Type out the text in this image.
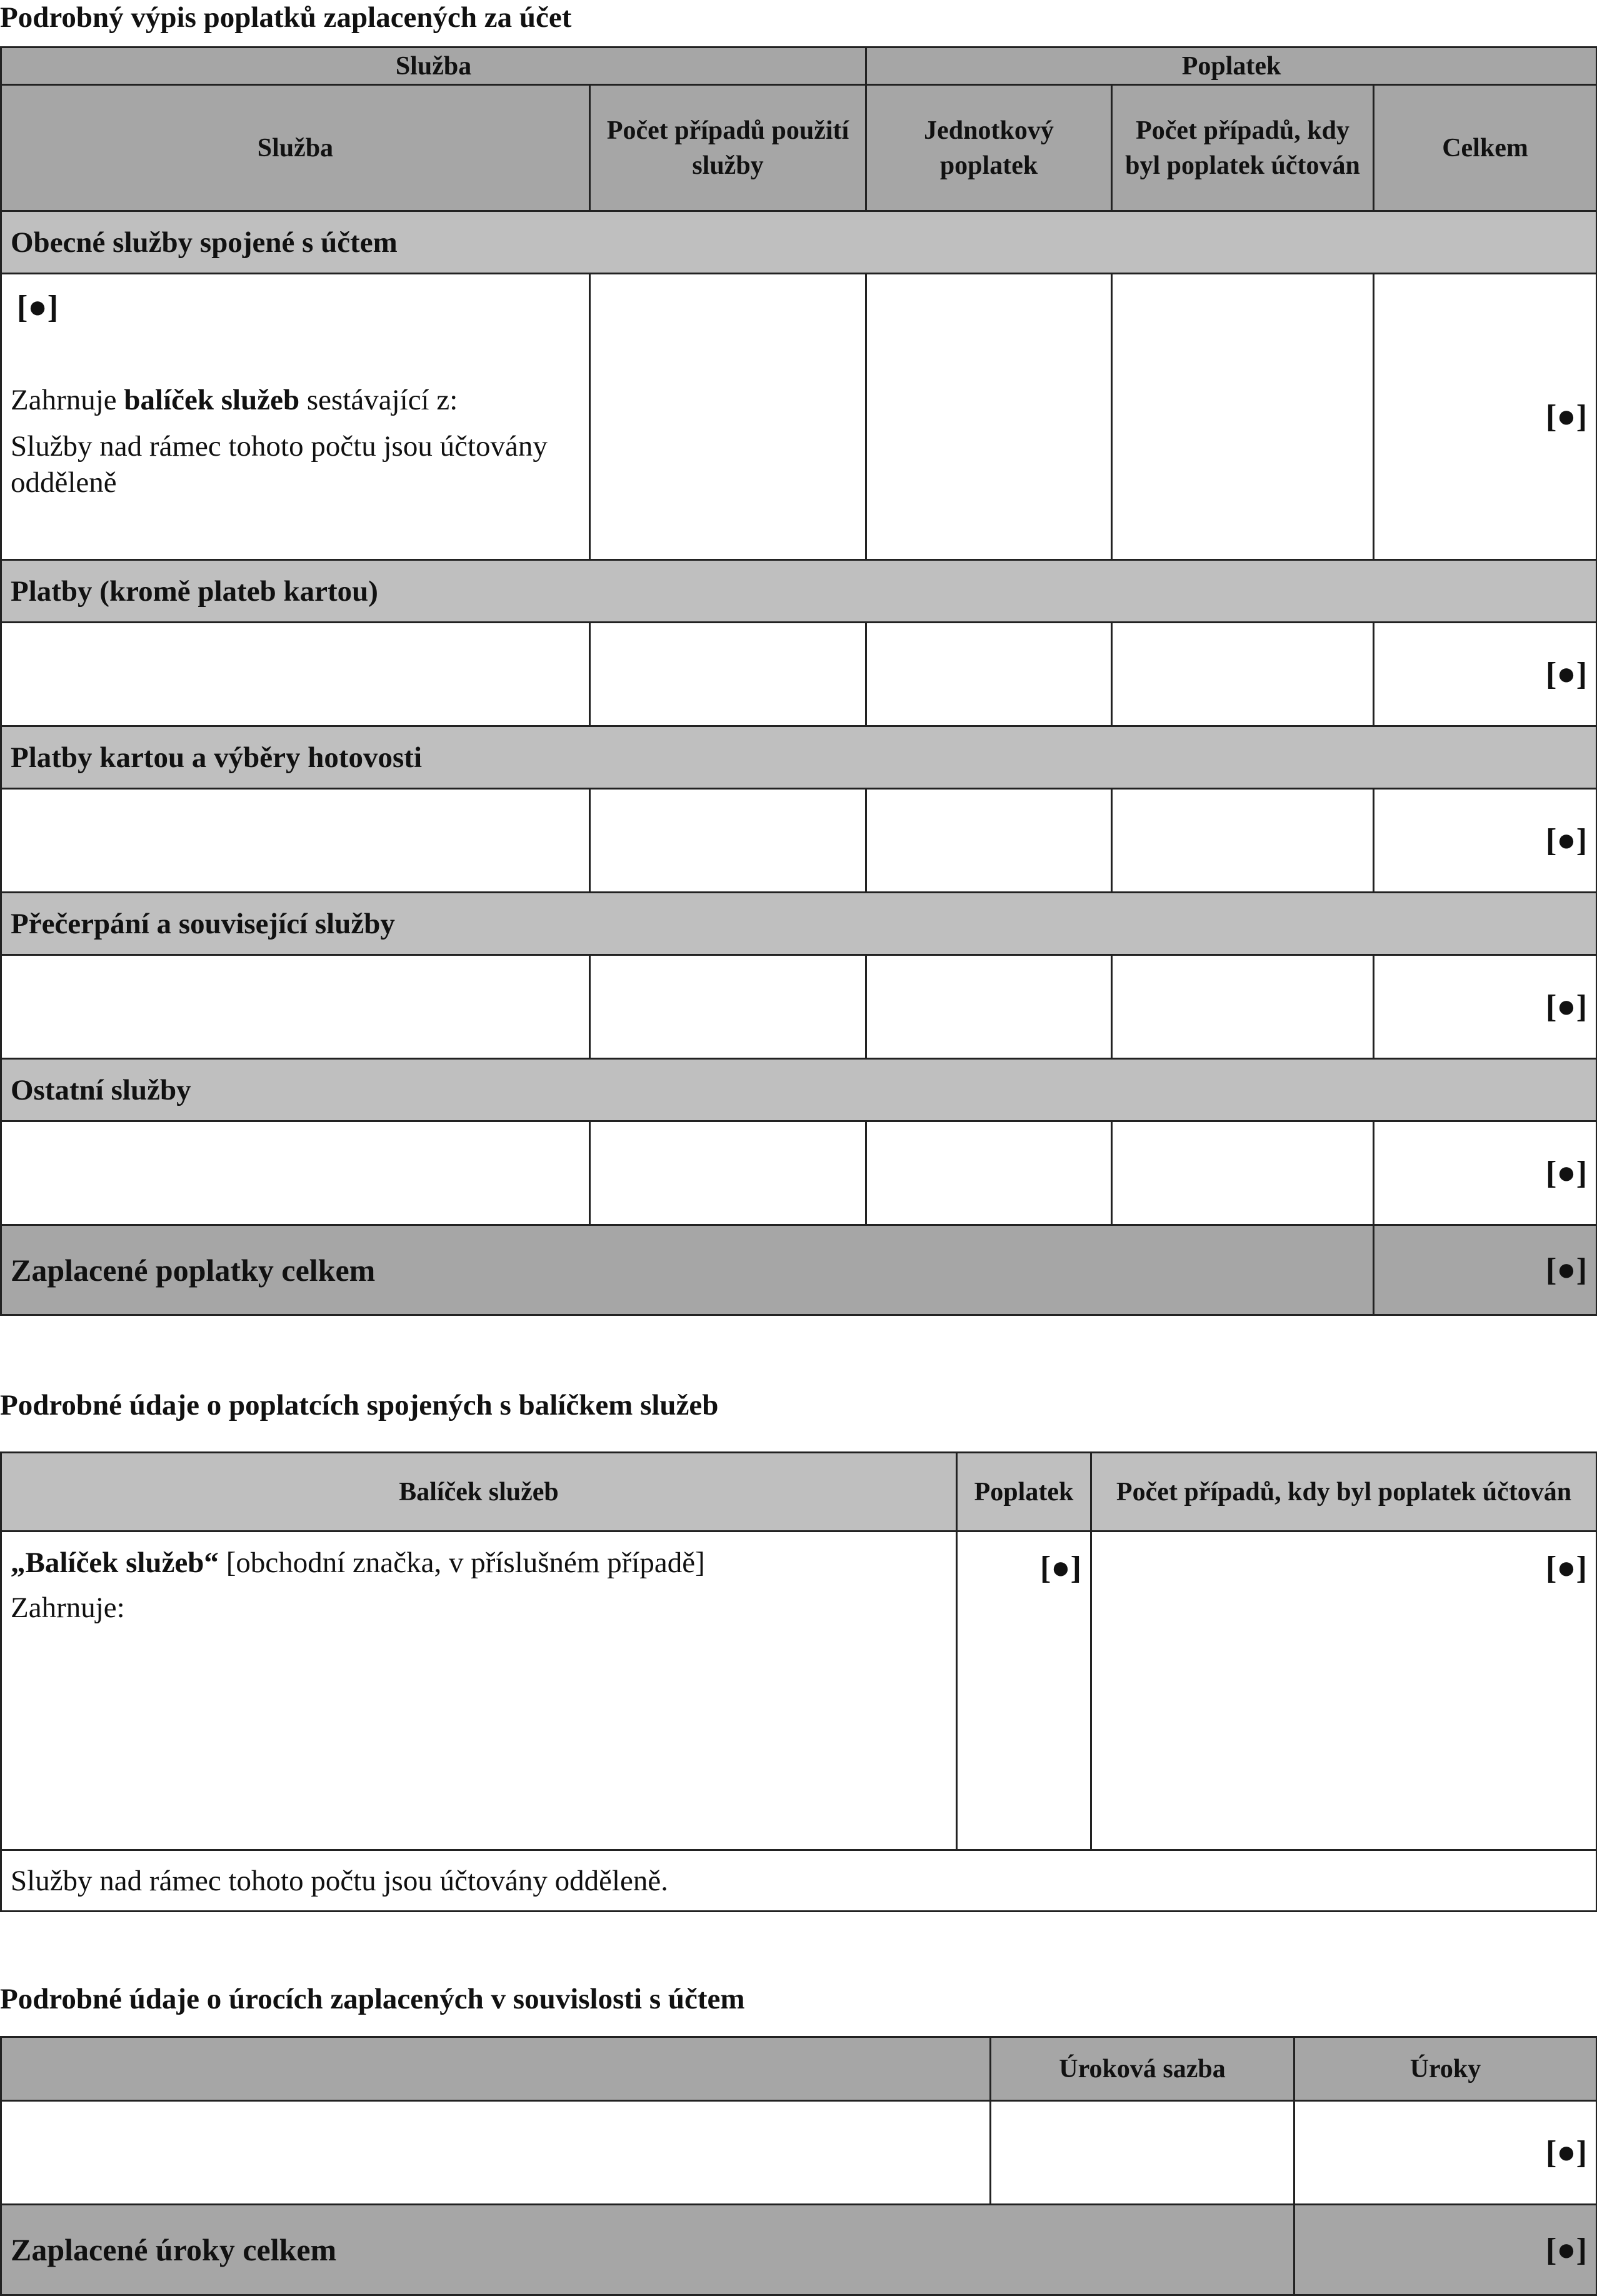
Podrobný výpis poplatků zaplacených za účet
Služba		Poplatek		
Služba	Počet případů použití služby	Jednotkový poplatek	Počet případů, kdy byl poplatek účtován	Celkem
Obecné služby spojené s účtem				

[●]
Zahrnuje balíček služeb sestávající z:
Služby nad rámec tohoto počtu jsou účtovány odděleně				[●]
Platby (kromě plateb kartou)				
				[●]
Platby kartou a výběry hotovosti				
				[●]
Přečerpání a související služby				
				[●]
Ostatní služby				
				[●]
Zaplacené poplatky celkem				[●]
Podrobné údaje o poplatcích spojených s balíčkem služeb
Balíček služeb	Poplatek	Počet případů, kdy byl poplatek účtován

„Balíček služeb“ [obchodní značka, v příslušném případě]
Zahrnuje:	[●]	[●]
Služby nad rámec tohoto počtu jsou účtovány odděleně.		
Podrobné údaje o úrocích zaplacených v souvislosti s účtem
	Úroková sazba	Úroky
		[●]
Zaplacené úroky celkem		[●]
